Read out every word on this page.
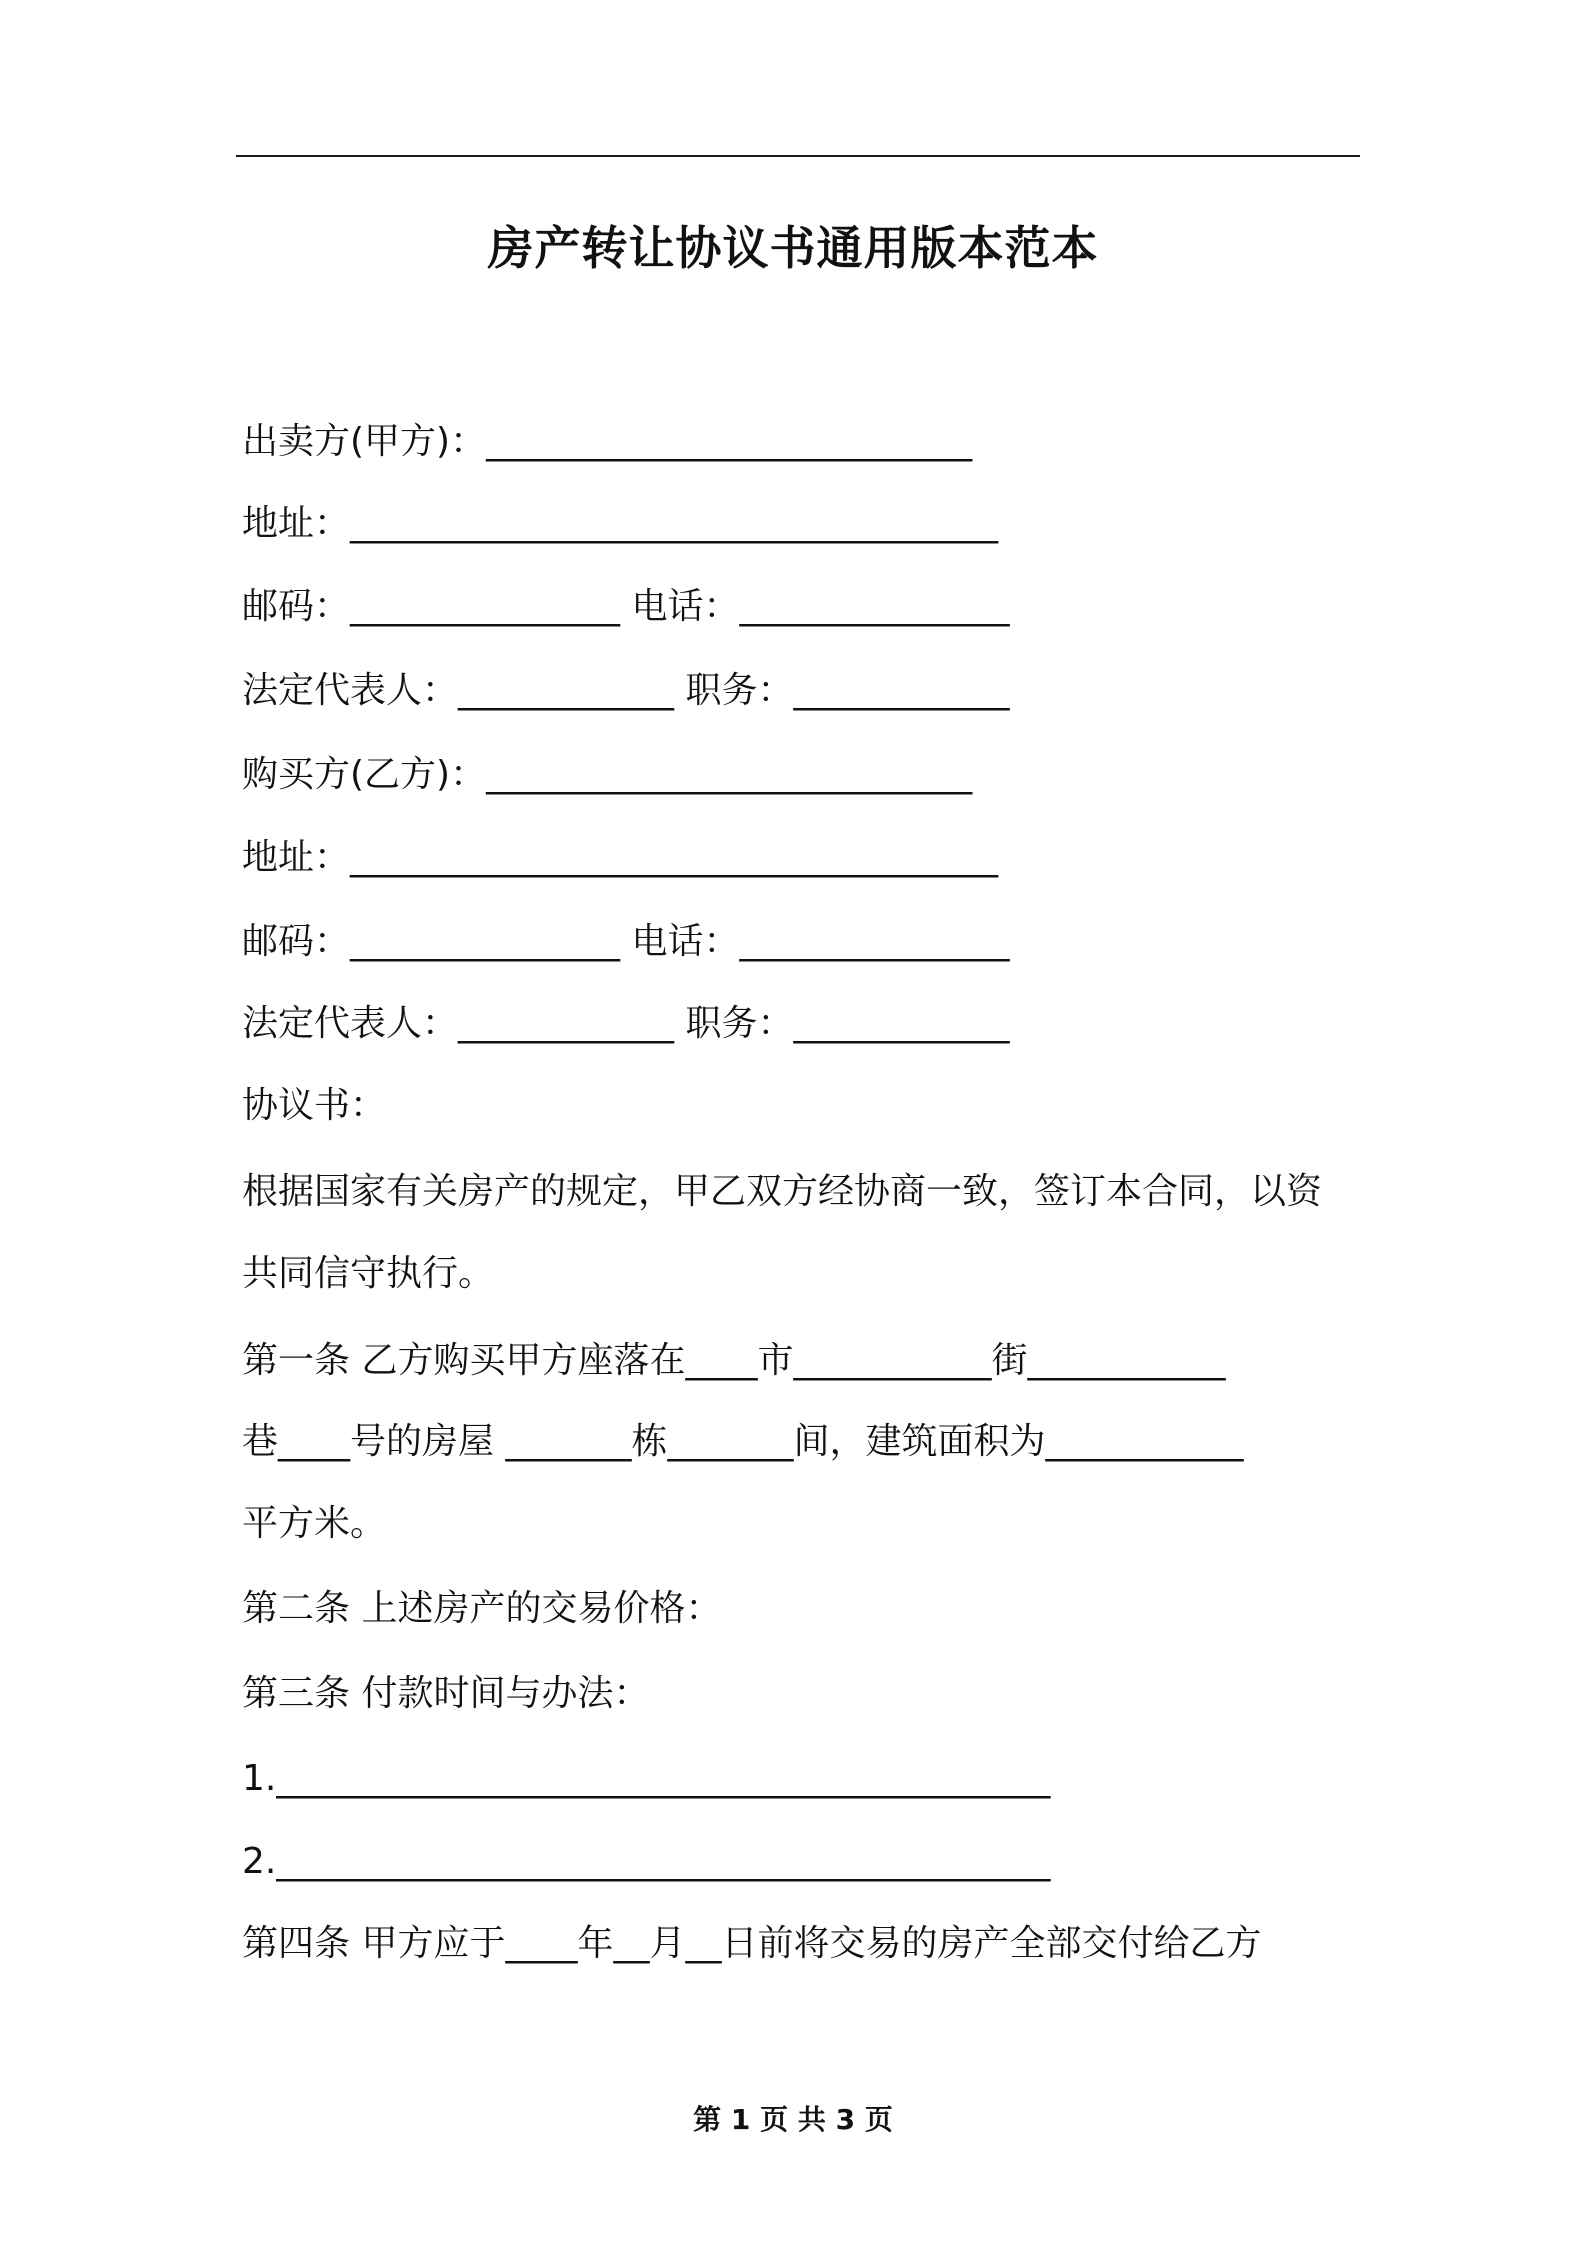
房产转让协议书通用版本范本
出卖方(甲方)：___________________________
地址：____________________________________
邮码：_______________ 电话：_______________
法定代表人：____________ 职务：____________
购买方(乙方)：___________________________
地址：____________________________________
邮码：_______________ 电话：_______________
法定代表人：____________ 职务：____________
协议书：
根据国家有关房产的规定，甲乙双方经协商一致，签订本合同，以资
共同信守执行。
第一条 乙方购买甲方座落在____市___________街___________
巷____号的房屋 _______栋_______间，建筑面积为___________
平方米。
第二条 上述房产的交易价格：
第三条 付款时间与办法：
1.___________________________________________
2.___________________________________________
第四条 甲方应于____年__月__日前将交易的房产全部交付给乙方
第 1 页 共 3 页
